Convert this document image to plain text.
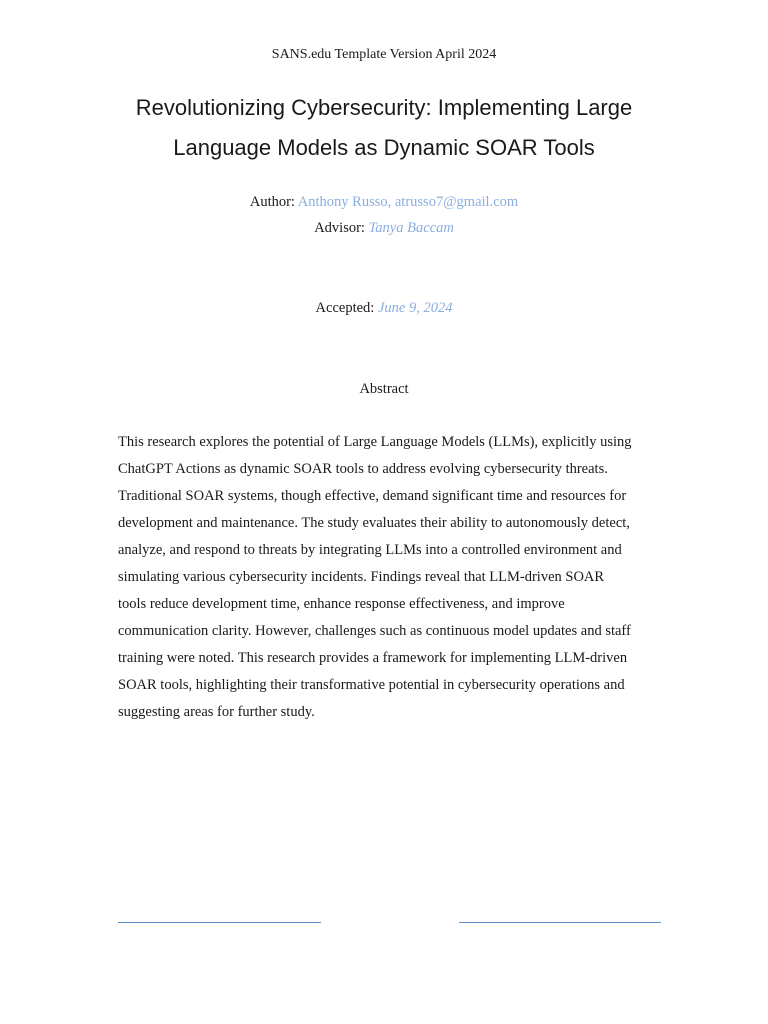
SANS.edu Template Version April 2024
Revolutionizing Cybersecurity: Implementing Large
Language Models as Dynamic SOAR Tools
Author: Anthony Russo, atrusso7@gmail.com
Advisor: Tanya Baccam
Accepted: June 9, 2024
Abstract
This research explores the potential of Large Language Models (LLMs), explicitly using
ChatGPT Actions as dynamic SOAR tools to address evolving cybersecurity threats.
Traditional SOAR systems, though effective, demand significant time and resources for
development and maintenance. The study evaluates their ability to autonomously detect,
analyze, and respond to threats by integrating LLMs into a controlled environment and
simulating various cybersecurity incidents. Findings reveal that LLM-driven SOAR
tools reduce development time, enhance response effectiveness, and improve
communication clarity. However, challenges such as continuous model updates and staff
training were noted. This research provides a framework for implementing LLM-driven
SOAR tools, highlighting their transformative potential in cybersecurity operations and
suggesting areas for further study.
